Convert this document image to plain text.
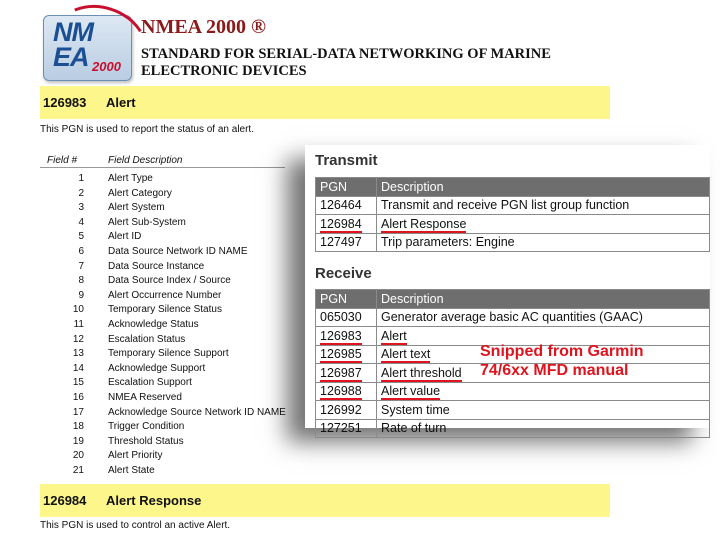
NM
EA 2000
NMEA 2000 ®
STANDARD FOR SERIAL-DATA NETWORKING OF MARINE ELECTRONIC DEVICES
126983 Alert
This PGN is used to report the status of an alert.
Field #	Field Description
1 Alert Type
2 Alert Category
3 Alert System
4 Alert Sub-System
5 Alert ID
6 Data Source Network ID NAME
7 Data Source Instance
8 Data Source Index / Source
9 Alert Occurrence Number
10 Temporary Silence Status
11 Acknowledge Status
12 Escalation Status
13 Temporary Silence Support
14 Acknowledge Support
15 Escalation Support
16 NMEA Reserved
17 Acknowledge Source Network ID NAME
18 Trigger Condition
19 Threshold Status
20 Alert Priority
21 Alert State
126984 Alert Response
This PGN is used to control an active Alert.
Transmit
PGN	Description
126464	Transmit and receive PGN list group function
126984	Alert Response
127497	Trip parameters: Engine
Receive
PGN	Description
065030	Generator average basic AC quantities (GAAC)
126983	Alert
126985	Alert text
126987	Alert threshold
126988	Alert value
126992	System time
127251	Rate of turn
Snipped from Garmin
74/6xx MFD manual
